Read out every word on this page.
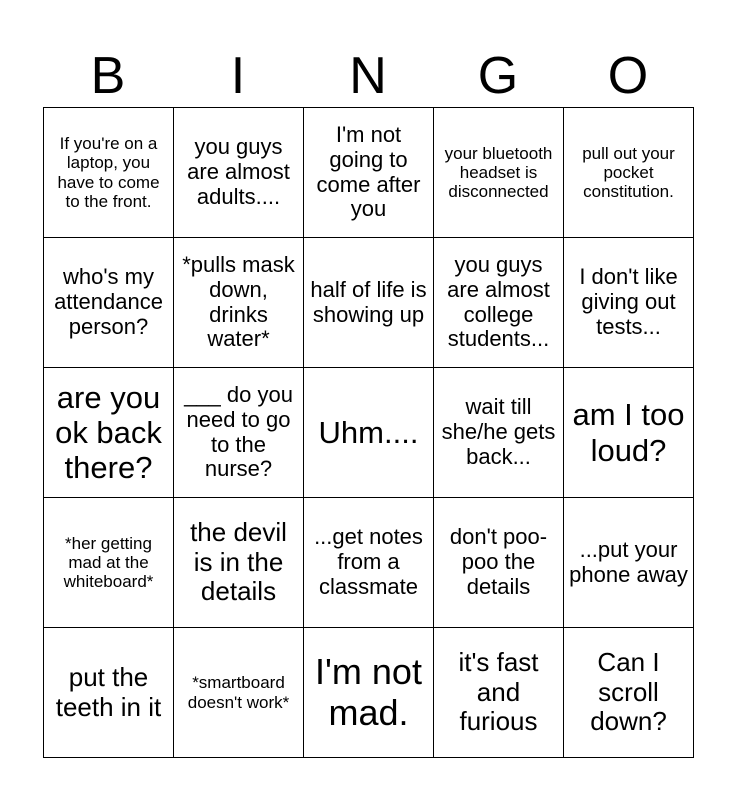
B	I	N	G	O
If you're on a laptop, you have to come to the front.	you guys are almost adults....	I'm not going to come after you	your bluetooth headset is disconnected	pull out your pocket constitution.
who's my attendance person?	*pulls mask down, drinks water*	half of life is showing up	you guys are almost college students...	I don't like giving out tests...
are you ok back there?	___ do you need to go to the nurse?	Uhm....	wait till she/he gets back...	am I too loud?
*her getting mad at the whiteboard*	the devil is in the details	...get notes from a classmate	don't poo-poo the details	...put your phone away
put the teeth in it	*smartboard doesn't work*	I'm not mad.	it's fast and furious	Can I scroll down?
